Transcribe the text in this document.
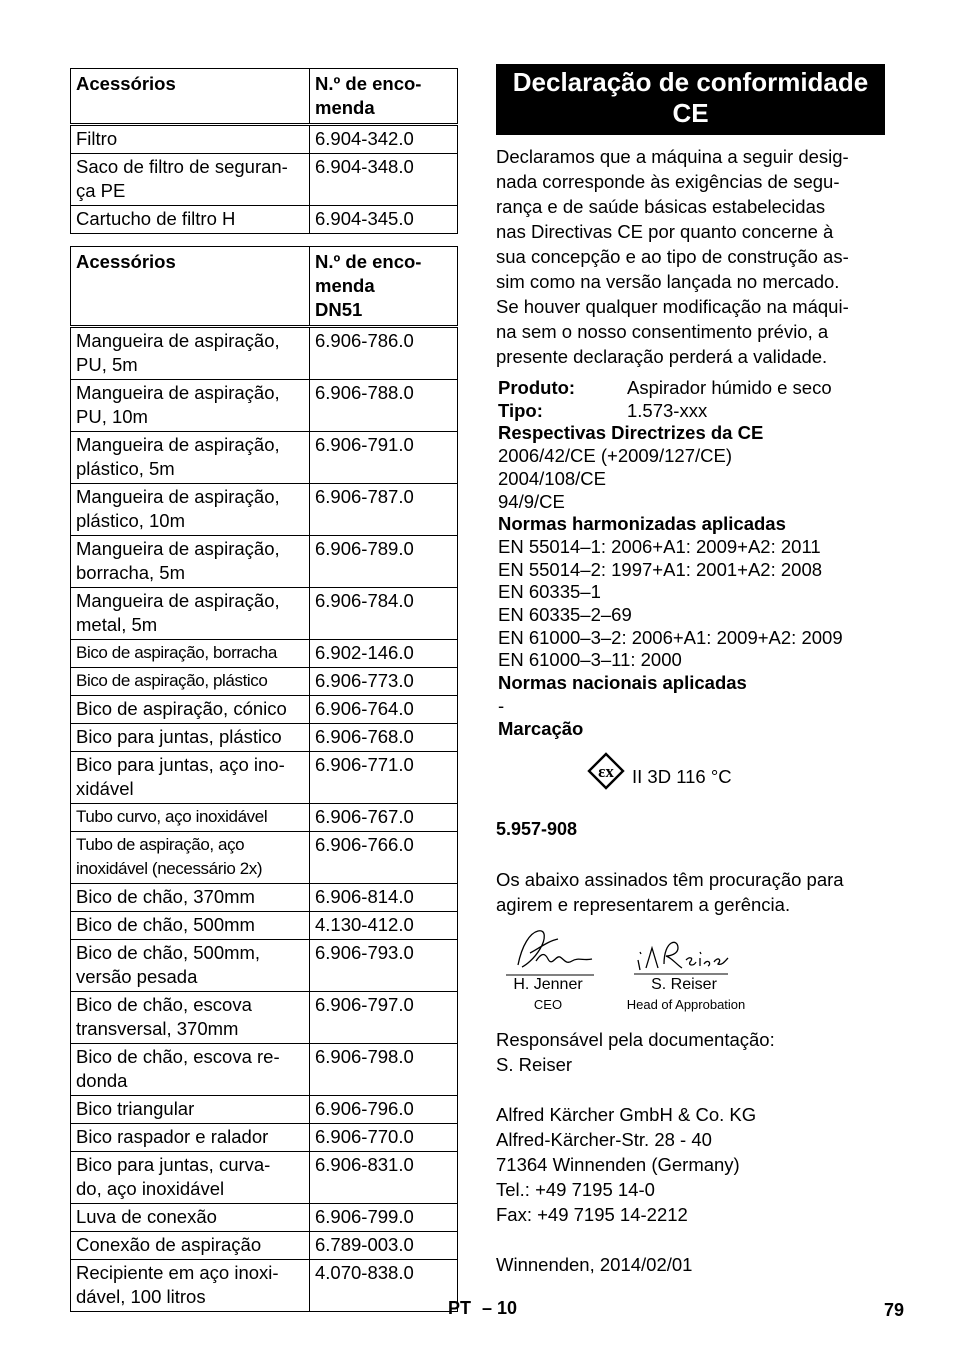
Acessórios	N.º de enco-
menda
Filtro	6.904-342.0
Saco de filtro de seguran-
ça PE	6.904-348.0
Cartucho de filtro H	6.904-345.0
Acessórios	N.º de enco-
menda
DN51
Mangueira de aspiração,
PU, 5m	6.906-786.0
Mangueira de aspiração,
PU, 10m	6.906-788.0
Mangueira de aspiração,
plástico, 5m	6.906-791.0
Mangueira de aspiração,
plástico, 10m	6.906-787.0
Mangueira de aspiração,
borracha, 5m	6.906-789.0
Mangueira de aspiração,
metal, 5m	6.906-784.0
Bico de aspiração, borracha	6.902-146.0
Bico de aspiração, plástico	6.906-773.0
Bico de aspiração, cónico	6.906-764.0
Bico para juntas, plástico	6.906-768.0
Bico para juntas, aço ino-
xidável	6.906-771.0
Tubo curvo, aço inoxidável	6.906-767.0
Tubo de aspiração, aço
inoxidável (necessário 2x)	6.906-766.0
Bico de chão, 370mm	6.906-814.0
Bico de chão, 500mm	4.130-412.0
Bico de chão, 500mm,
versão pesada	6.906-793.0
Bico de chão, escova
transversal, 370mm	6.906-797.0
Bico de chão, escova re-
donda	6.906-798.0
Bico triangular	6.906-796.0
Bico raspador e ralador	6.906-770.0
Bico para juntas, curva-
do, aço inoxidável	6.906-831.0
Luva de conexão	6.906-799.0
Conexão de aspiração	6.789-003.0
Recipiente em aço inoxi-
dável, 100 litros	4.070-838.0
Declaração de conformidade CE

Declaramos que a máquina a seguir desig-
nada corresponde às exigências de segu-
rança e de saúde básicas estabelecidas
nas Directivas CE por quanto concerne à
sua concepção e ao tipo de construção as-
sim como na versão lançada no mercado.
Se houver qualquer modificação na máqui-
na sem o nosso consentimento prévio, a
presente declaração perderá a validade.

Produto:	Aspirador húmido e seco
Tipo:	1.573-xxx
Respectivas Directrizes da CE
2006/42/CE (+2009/127/CE)
2004/108/CE
94/9/CE
Normas harmonizadas aplicadas
EN 55014–1: 2006+A1: 2009+A2: 2011
EN 55014–2: 1997+A1: 2001+A2: 2008
EN 60335–1
EN 60335–2–69
EN 61000–3–2: 2006+A1: 2009+A2: 2009
EN 61000–3–11: 2000
Normas nacionais aplicadas
-
Marcação
εx II 3D 116 °C
5.957-908

Os abaixo assinados têm procuração para
agirem e representarem a gerência.

H. Jenner
CEO
S. Reiser
Head of Approbation

Responsável pela documentação:
S. Reiser

Alfred Kärcher GmbH & Co. KG
Alfred-Kärcher-Str. 28 - 40
71364 Winnenden (Germany)
Tel.: +49 7195 14-0
Fax: +49 7195 14-2212

Winnenden, 2014/02/01

PT – 10	79
